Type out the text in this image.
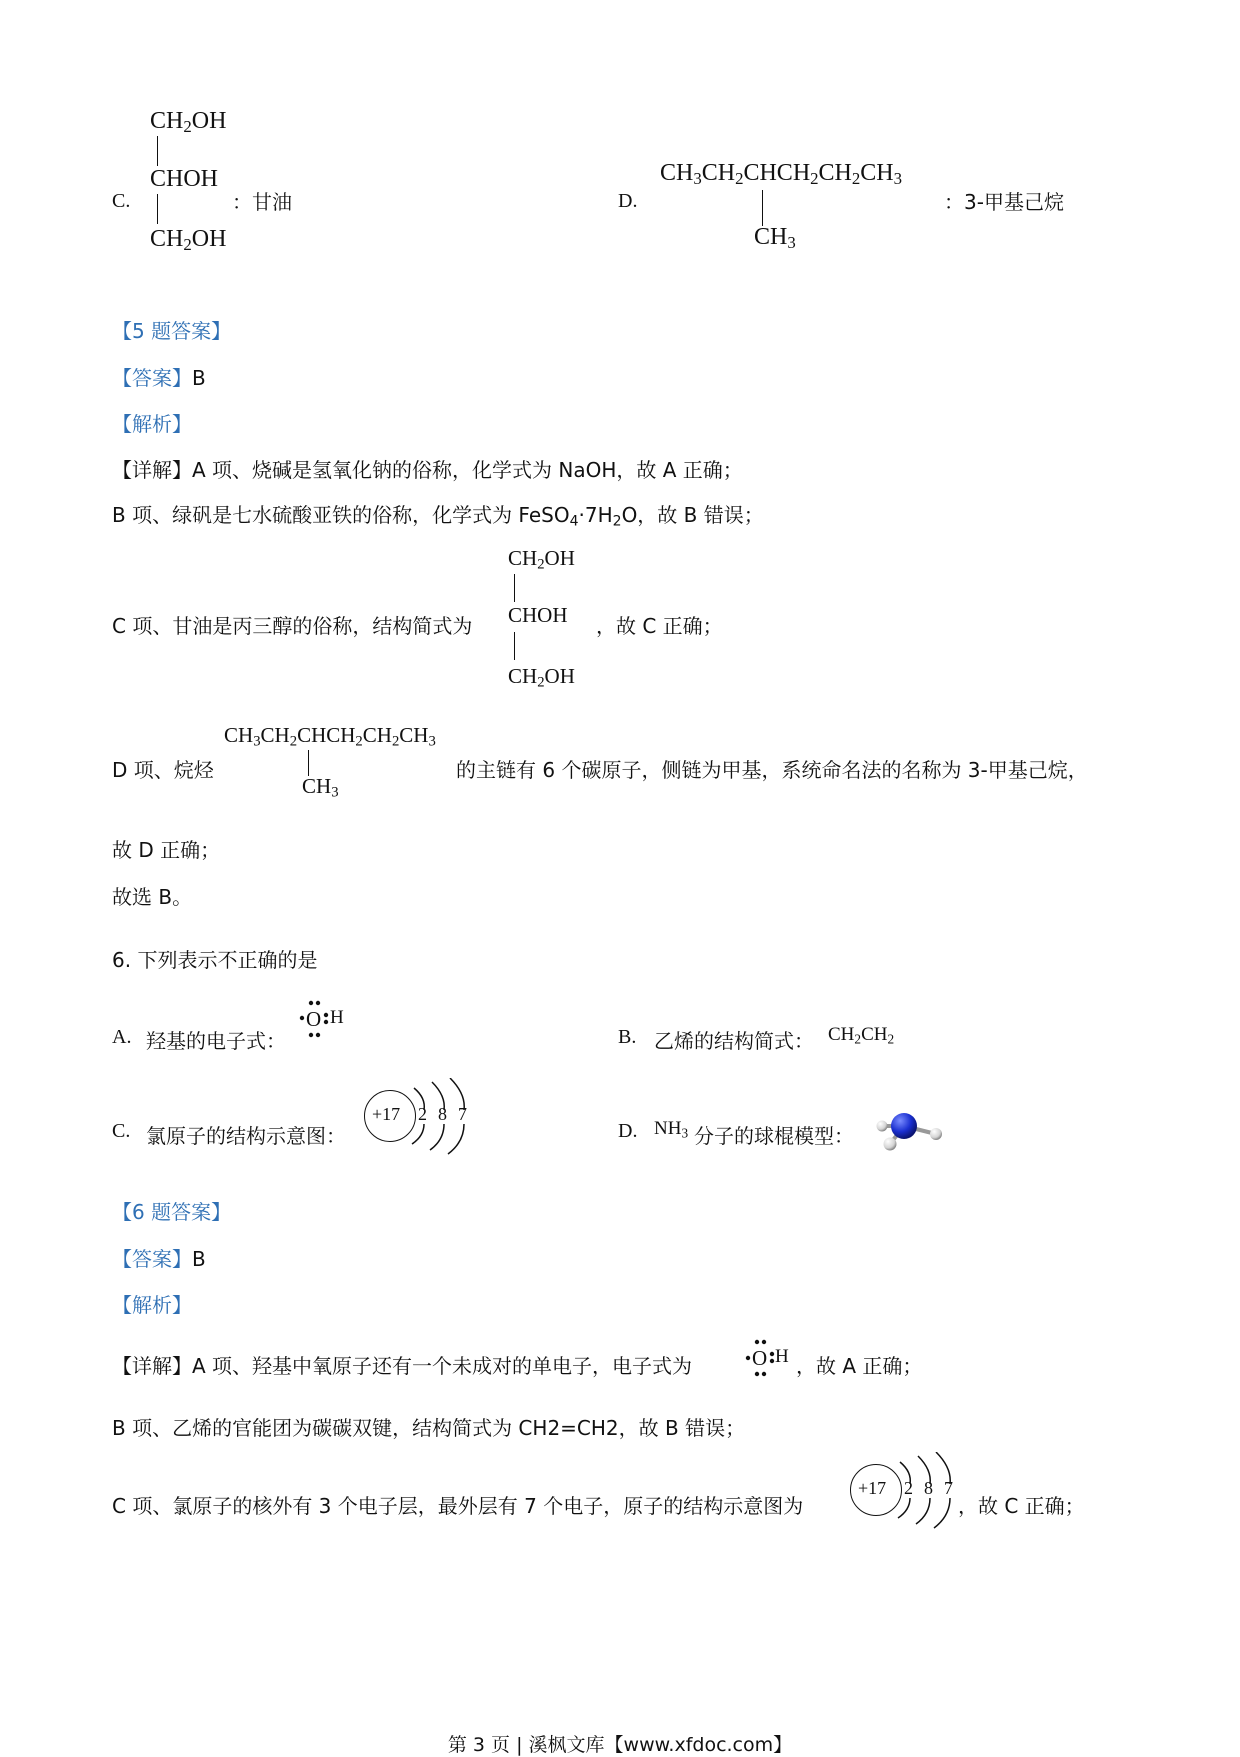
C.
$CH_2OH$
CHOH
$CH_2OH$
：甘油	D.
$CH_3CH_2CHCH_2CH_2CH_3$
$CH_3$
：3-甲基己烷
【5 题答案】
【答案】B
【解析】
【详解】A 项、烧碱是氢氧化钠的俗称，化学式为 NaOH，故 A 正确；
B 项、绿矾是七水硫酸亚铁的俗称，化学式为 $FeSO_4\cdot 7H_2O$，故 B 错误；
$CH_2OH$
C 项、甘油是丙三醇的俗称，结构简式为 CHOH ，故 C 正确；
$CH_2OH$
$CH_3CH_2CHCH_2CH_2CH_3$
$CH_3$
D 项、烷烃	的主链有 6 个碳原子，侧链为甲基，系统命名法的名称为 3-甲基己烷，
故 D 正确；
故选 B。
6. 下列表示不正确的是
A. 羟基的电子式：
O H
B. 乙烯的结构简式： $CH_2CH_2$
C. 氯原子的结构示意图：
+17 2 8 7
D. $NH_3$ 分子的球棍模型：
【6 题答案】
【答案】B
【解析】
【详解】A 项、羟基中氧原子还有一个未成对的单电子，电子式为	O H ，故 A 正确；
B 项、乙烯的官能团为碳碳双键，结构简式为 CH2=CH2，故 B 错误；
C 项、氯原子的核外有 3 个电子层，最外层有 7 个电子，原子的结构示意图为
+17 2 8 7
，故 C 正确；
第 3 页 | 溪枫文库【www.xfdoc.com】
